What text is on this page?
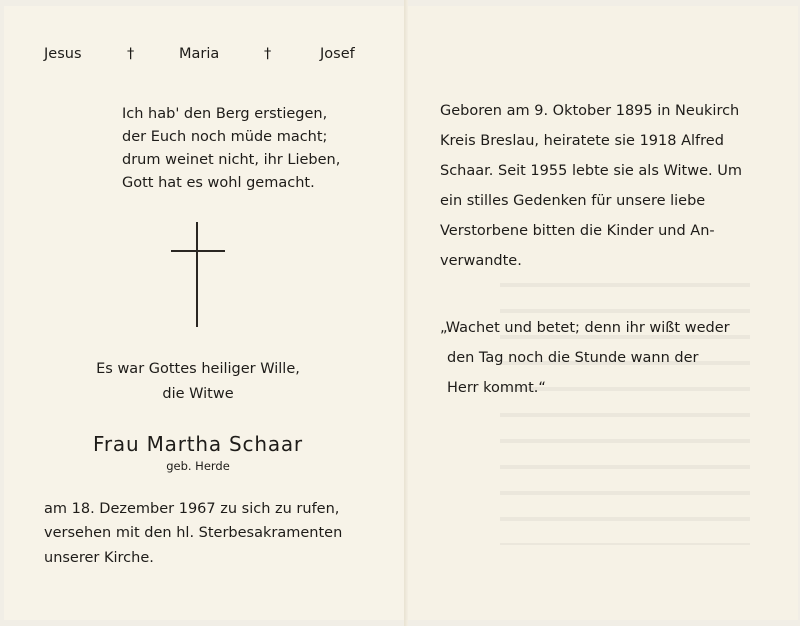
Jesus	†	Maria	†	Josef
Ich hab' den Berg erstiegen,
der Euch noch müde macht;
drum weinet nicht, ihr Lieben,
Gott hat es wohl gemacht.
Es war Gottes heiliger Wille,
die Witwe
Frau Martha Schaar
geb. Herde
am 18. Dezember 1967 zu sich zu rufen,
versehen mit den hl. Sterbesakramenten
unserer Kirche.
Geboren am 9. Oktober 1895 in Neukirch
Kreis Breslau, heiratete sie 1918 Alfred
Schaar. Seit 1955 lebte sie als Witwe. Um
ein stilles Gedenken für unsere liebe
Verstorbene bitten die Kinder und An-
verwandte.
„Wachet und betet; denn ihr wißt weder
den Tag noch die Stunde wann der
Herr kommt.“
